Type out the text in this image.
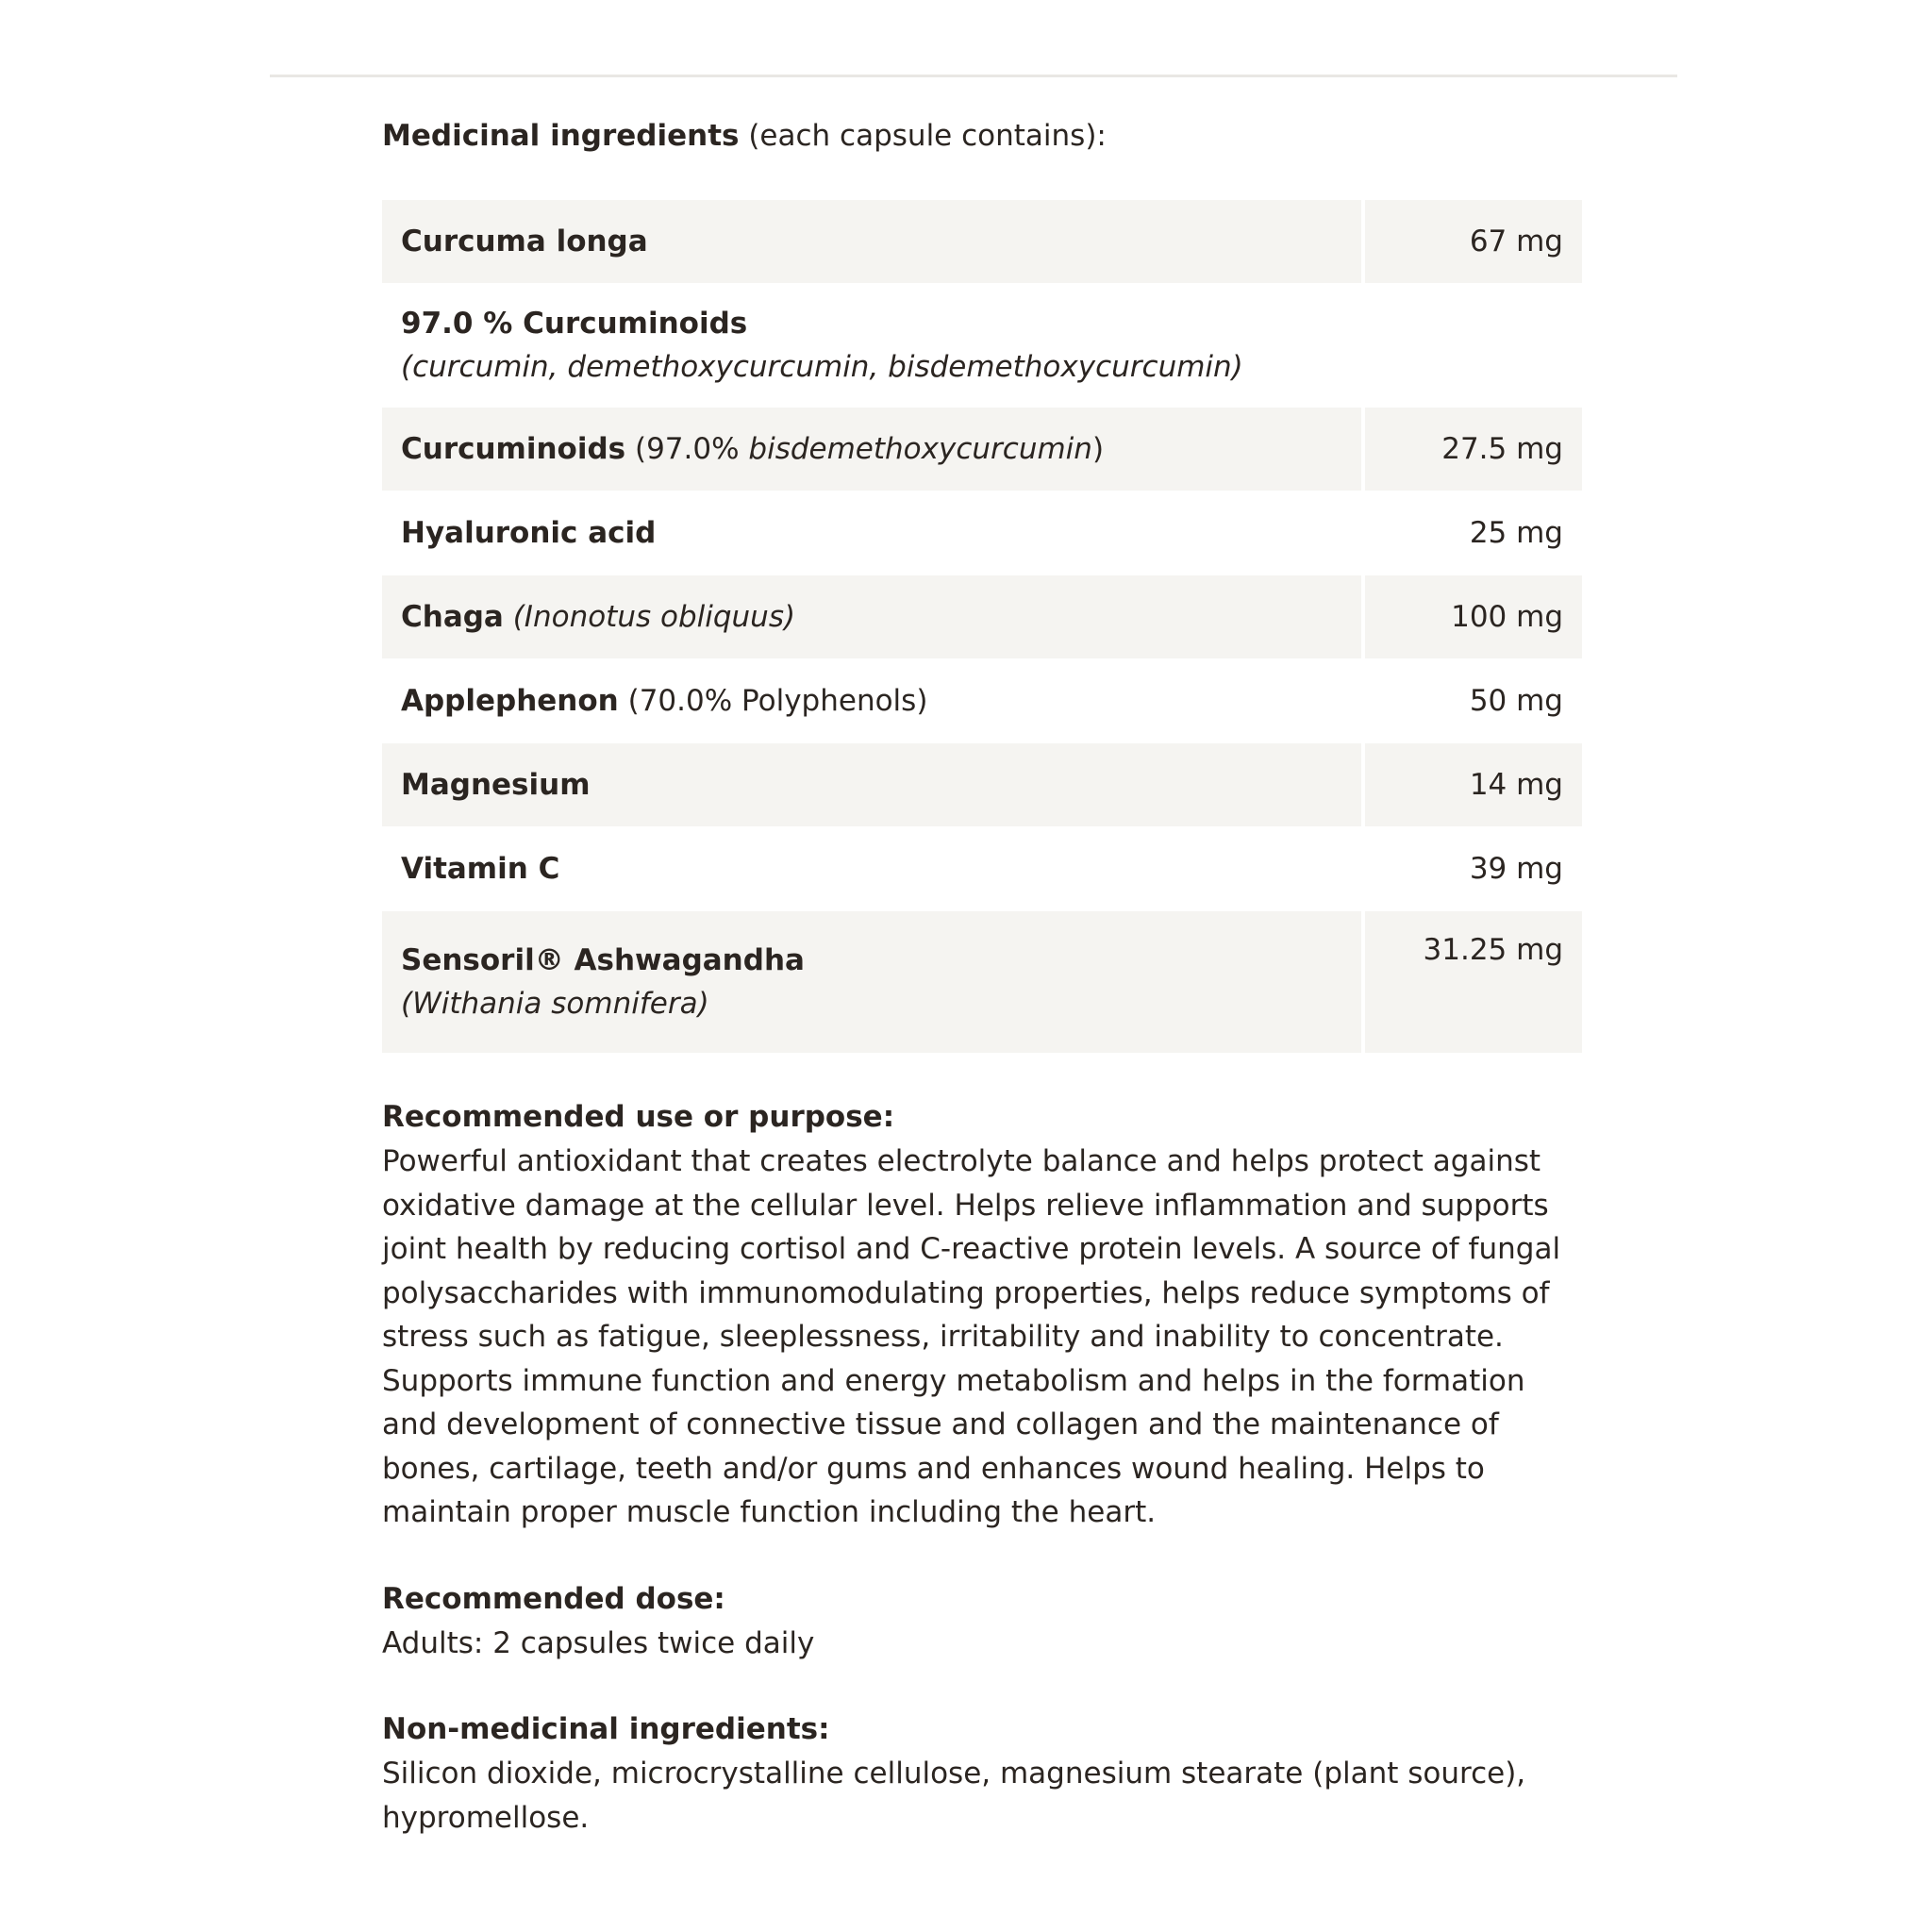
Medicinal ingredients (each capsule contains):

Curcuma longa	67 mg
97.0 % Curcuminoids
(curcumin, demethoxycurcumin, bisdemethoxycurcumin)	
Curcuminoids (97.0% bisdemethoxycurcumin)	27.5 mg
Hyaluronic acid	25 mg
Chaga (Inonotus obliquus)	100 mg
Applephenon (70.0% Polyphenols)	50 mg
Magnesium	14 mg
Vitamin C	39 mg
Sensoril® Ashwagandha
(Withania somnifera)	31.25 mg
Recommended use or purpose:
Powerful antioxidant that creates electrolyte balance and helps protect against oxidative damage at the cellular level. Helps relieve inflammation and supports joint health by reducing cortisol and C-reactive protein levels. A source of fungal polysaccharides with immunomodulating properties, helps reduce symptoms of stress such as fatigue, sleeplessness, irritability and inability to concentrate. Supports immune function and energy metabolism and helps in the formation and development of connective tissue and collagen and the maintenance of bones, cartilage, teeth and/or gums and enhances wound healing. Helps to maintain proper muscle function including the heart.
Recommended dose:
Adults: 2 capsules twice daily
Non-medicinal ingredients:
Silicon dioxide, microcrystalline cellulose, magnesium stearate (plant source), hypromellose.
